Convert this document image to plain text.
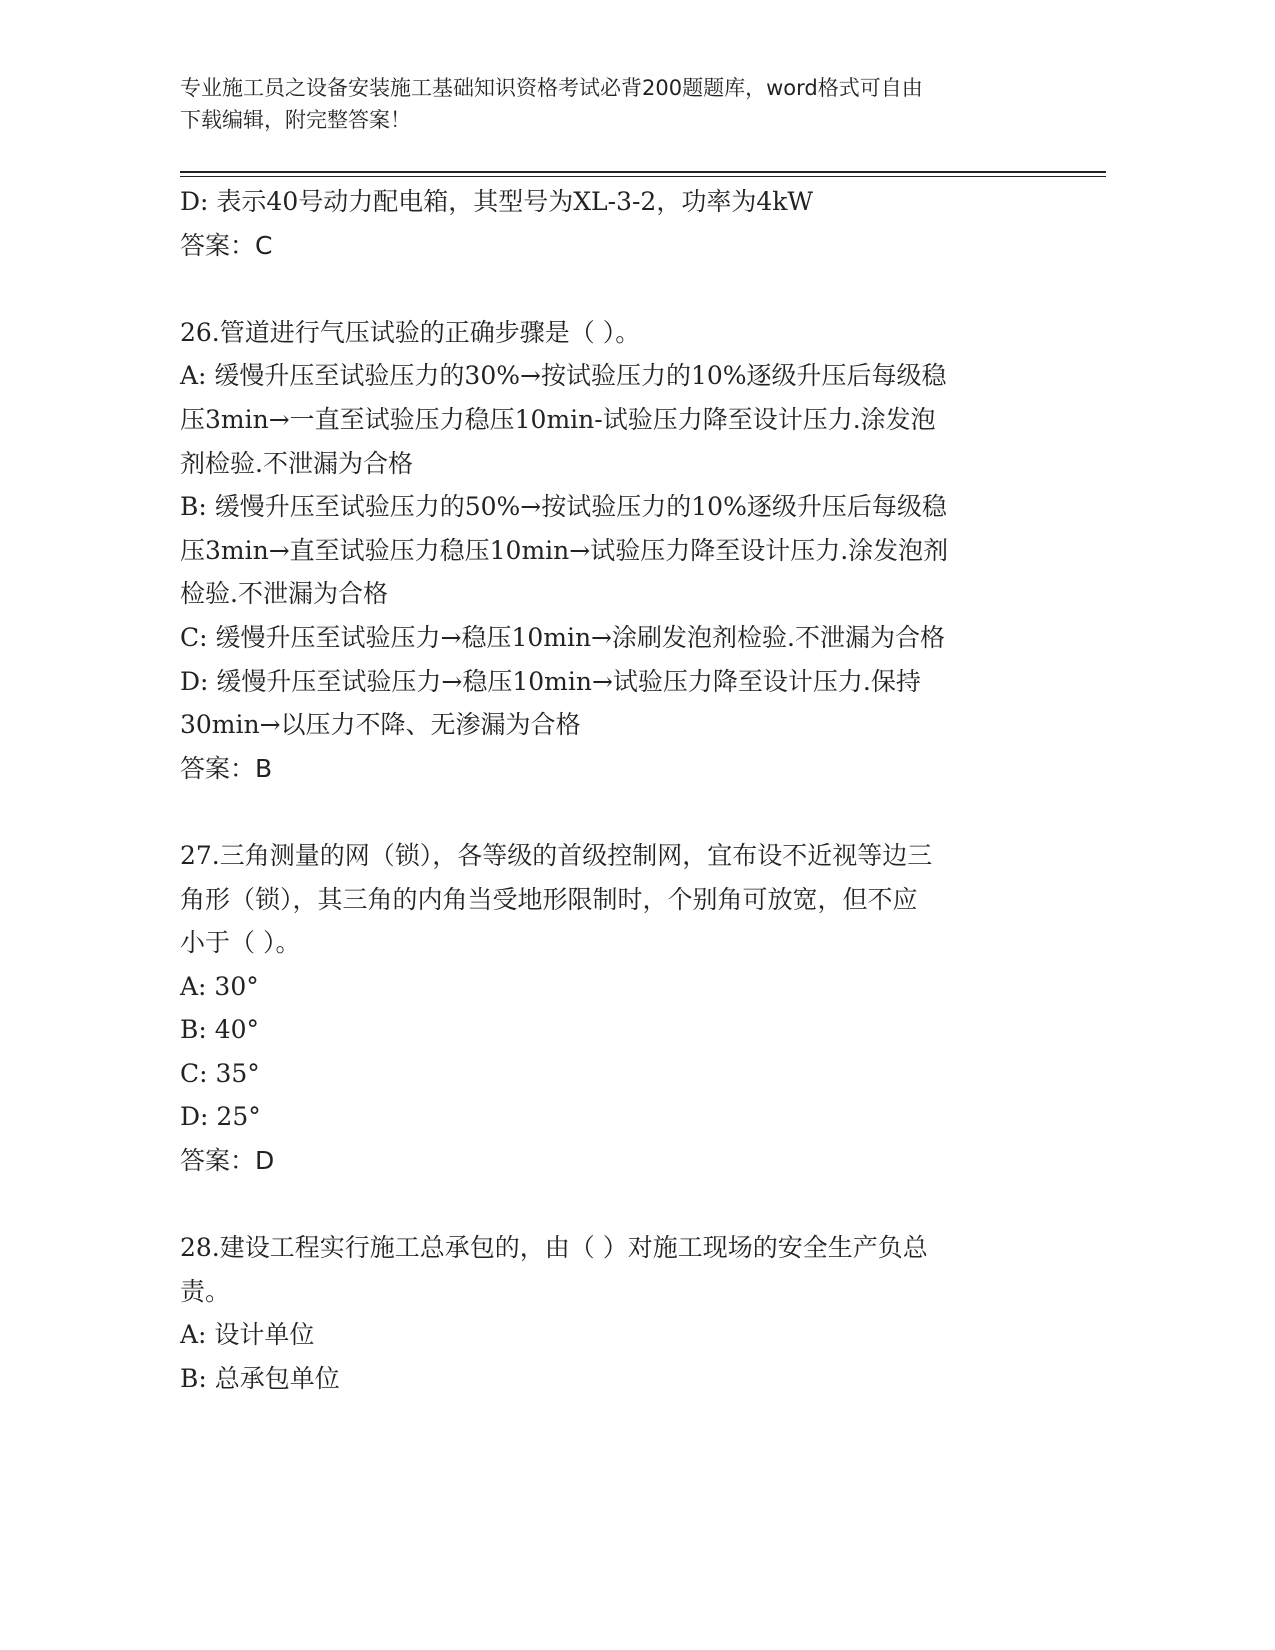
专业施工员之设备安装施工基础知识资格考试必背200题题库，word格式可自由
下载编辑，附完整答案！
D: 表示40号动力配电箱，其型号为XL-3-2，功率为4kW
答案：C
26.管道进行气压试验的正确步骤是（ ）。
A: 缓慢升压至试验压力的30%→按试验压力的10%逐级升压后每级稳
压3min→一直至试验压力稳压10min-试验压力降至设计压力.涂发泡
剂检验.不泄漏为合格
B: 缓慢升压至试验压力的50%→按试验压力的10%逐级升压后每级稳
压3min→直至试验压力稳压10min→试验压力降至设计压力.涂发泡剂
检验.不泄漏为合格
C: 缓慢升压至试验压力→稳压10min→涂刷发泡剂检验.不泄漏为合格
D: 缓慢升压至试验压力→稳压10min→试验压力降至设计压力.保持
30min→以压力不降、无渗漏为合格
答案：B
27.三角测量的网（锁），各等级的首级控制网，宜布设不近视等边三
角形（锁），其三角的内角当受地形限制时，个别角可放宽，但不应
小于（ ）。
A: 30°
B: 40°
C: 35°
D: 25°
答案：D
28.建设工程实行施工总承包的，由（ ）对施工现场的安全生产负总
责。
A: 设计单位
B: 总承包单位
